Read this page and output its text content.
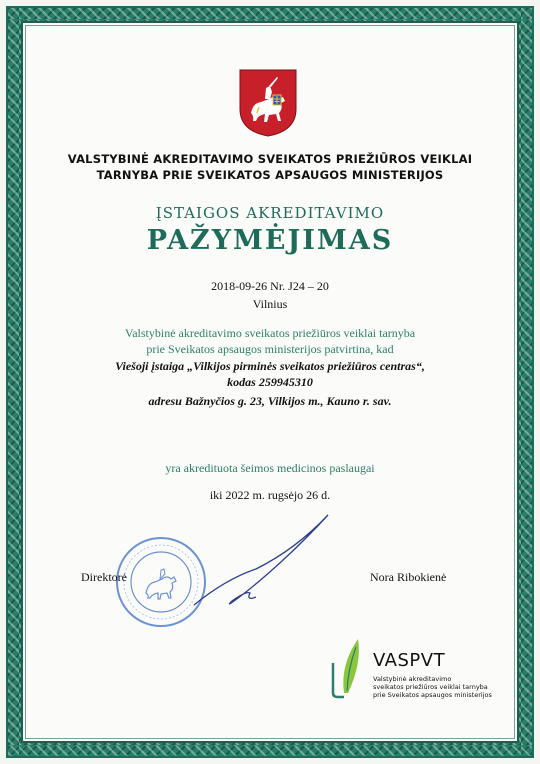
VALSTYBINĖ AKREDITAVIMO SVEIKATOS PRIEŽIŪROS VEIKLAI
TARNYBA PRIE SVEIKATOS APSAUGOS MINISTERIJOS
ĮSTAIGOS AKREDITAVIMO
PAŽYMĖJIMAS
2018-09-26 Nr. J24 – 20
Vilnius
Valstybinė akreditavimo sveikatos priežiūros veiklai tarnyba
prie Sveikatos apsaugos ministerijos patvirtina, kad
Viešoji įstaiga „Vilkijos pirminės sveikatos priežiūros centras“,
kodas 259945310
adresu Bažnyčios g. 23, Vilkijos m., Kauno r. sav.
yra akredituota šeimos medicinos paslaugai
iki 2022 m. rugsėjo 26 d.
Direktorė	Nora Ribokienė
VASPVT
Valstybinė akreditavimo
sveikatos priežiūros veiklai tarnyba
prie Sveikatos apsaugos ministerijos
